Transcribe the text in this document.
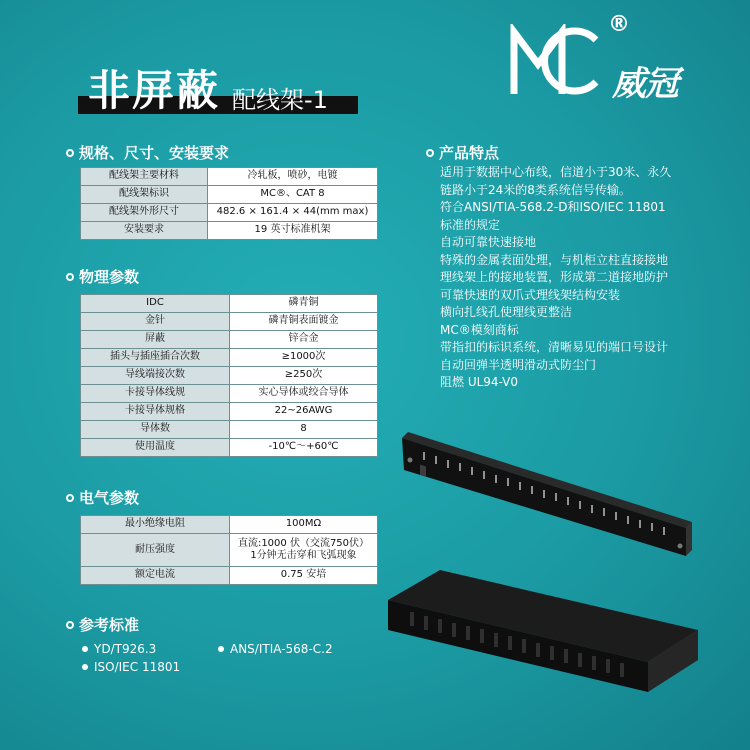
®
威冠
非屏蔽 配线架-1
规格、尺寸、安装要求
配线架主要材料	冷轧板，喷砂，电镀
配线架标识	MC®、CAT 8
配线架外形尺寸	482.6 × 161.4 × 44(mm max)
安装要求	19 英寸标准机架
物理参数
IDC	磷青铜
金针	磷青铜表面镀金
屏蔽	锌合金
插头与插座插合次数	≥1000次
导线端接次数	≥250次
卡接导体线规	实心导体或绞合导体
卡接导体规格	22~26AWG
导体数	8
使用温度	-10℃～+60℃
电气参数
最小绝缘电阻	100MΩ
耐压强度	直流:1000 伏（交流750伏）
1分钟无击穿和飞弧现象

额定电流	0.75 安培
参考标准
YD/T926.3	ANS/ITIA-568-C.2
ISO/IEC 11801
产品特点
适用于数据中心布线，信道小于30米、永久
链路小于24米的8类系统信号传输。
符合ANSI/TIA-568.2-D和ISO/IEC 11801
标准的规定
自动可靠快速接地
特殊的金属表面处理，与机柜立柱直接接地
理线架上的接地装置，形成第二道接地防护
可靠快速的双爪式理线架结构安装
横向扎线孔使理线更整洁
MC®模刻商标
带指扣的标识系统，清晰易见的端口号设计
自动回弹半透明滑动式防尘门
阻燃 UL94-V0
